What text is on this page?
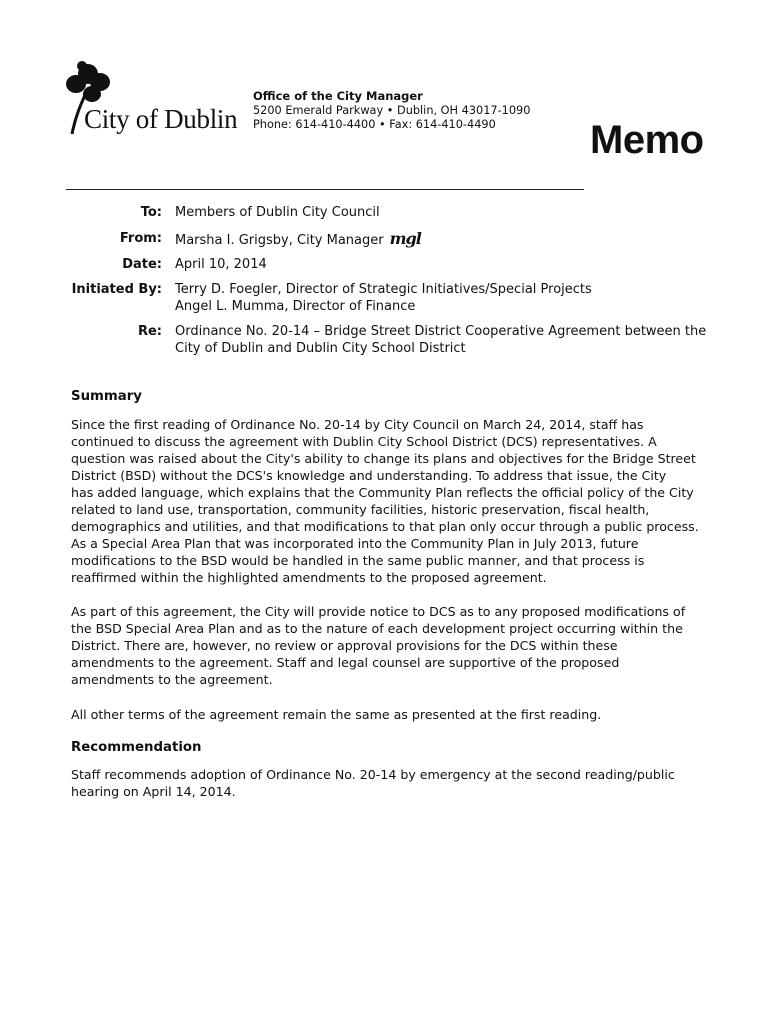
City of Dublin
Office of the City Manager
5200 Emerald Parkway • Dublin, OH 43017-1090
Phone: 614-410-4400 • Fax: 614-410-4490	Memo
To: Members of Dublin City Council
From: Marsha I. Grigsby, City Manager mgl
Date: April 10, 2014
Initiated By: Terry D. Foegler, Director of Strategic Initiatives/Special Projects
Angel L. Mumma, Director of Finance
Re: Ordinance No. 20-14 – Bridge Street District Cooperative Agreement between the
City of Dublin and Dublin City School District
Summary
Since the first reading of Ordinance No. 20-14 by City Council on March 24, 2014, staff has
continued to discuss the agreement with Dublin City School District (DCS) representatives. A
question was raised about the City's ability to change its plans and objectives for the Bridge Street
District (BSD) without the DCS's knowledge and understanding. To address that issue, the City
has added language, which explains that the Community Plan reflects the official policy of the City
related to land use, transportation, community facilities, historic preservation, fiscal health,
demographics and utilities, and that modifications to that plan only occur through a public process.
As a Special Area Plan that was incorporated into the Community Plan in July 2013, future
modifications to the BSD would be handled in the same public manner, and that process is
reaffirmed within the highlighted amendments to the proposed agreement.
As part of this agreement, the City will provide notice to DCS as to any proposed modifications of
the BSD Special Area Plan and as to the nature of each development project occurring within the
District. There are, however, no review or approval provisions for the DCS within these
amendments to the agreement. Staff and legal counsel are supportive of the proposed
amendments to the agreement.
All other terms of the agreement remain the same as presented at the first reading.
Recommendation
Staff recommends adoption of Ordinance No. 20-14 by emergency at the second reading/public
hearing on April 14, 2014.
